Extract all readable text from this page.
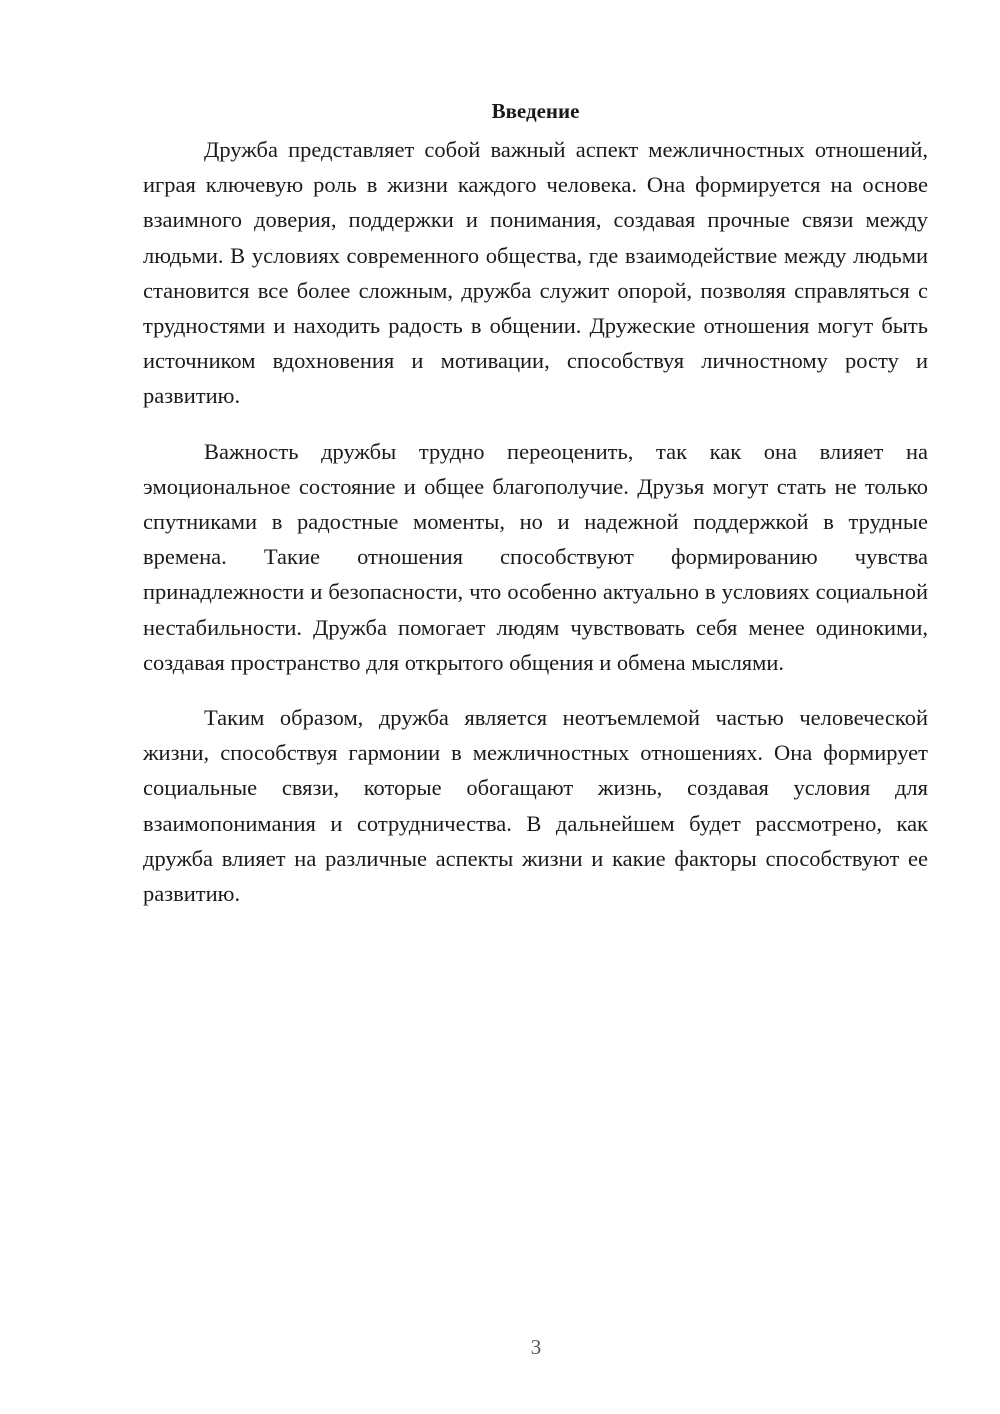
Введение

Дружба представляет собой важный аспект межличностных отношений, играя ключевую роль в жизни каждого человека. Она формируется на основе взаимного доверия, поддержки и понимания, создавая прочные связи между людьми. В условиях современного общества, где взаимодействие между людьми становится все более сложным, дружба служит опорой, позволяя справляться с трудностями и находить радость в общении. Дружеские отношения могут быть источником вдохновения и мотивации, способствуя личностному росту и развитию.

Важность дружбы трудно переоценить, так как она влияет на эмоциональное состояние и общее благополучие. Друзья могут стать не только спутниками в радостные моменты, но и надежной поддержкой в трудные времена. Такие отношения способствуют формированию чувства принадлежности и безопасности, что особенно актуально в условиях социальной нестабильности. Дружба помогает людям чувствовать себя менее одинокими, создавая пространство для открытого общения и обмена мыслями.

Таким образом, дружба является неотъемлемой частью человеческой жизни, способствуя гармонии в межличностных отношениях. Она формирует социальные связи, которые обогащают жизнь, создавая условия для взаимопонимания и сотрудничества. В дальнейшем будет рассмотрено, как дружба влияет на различные аспекты жизни и какие факторы способствуют ее развитию.

3
